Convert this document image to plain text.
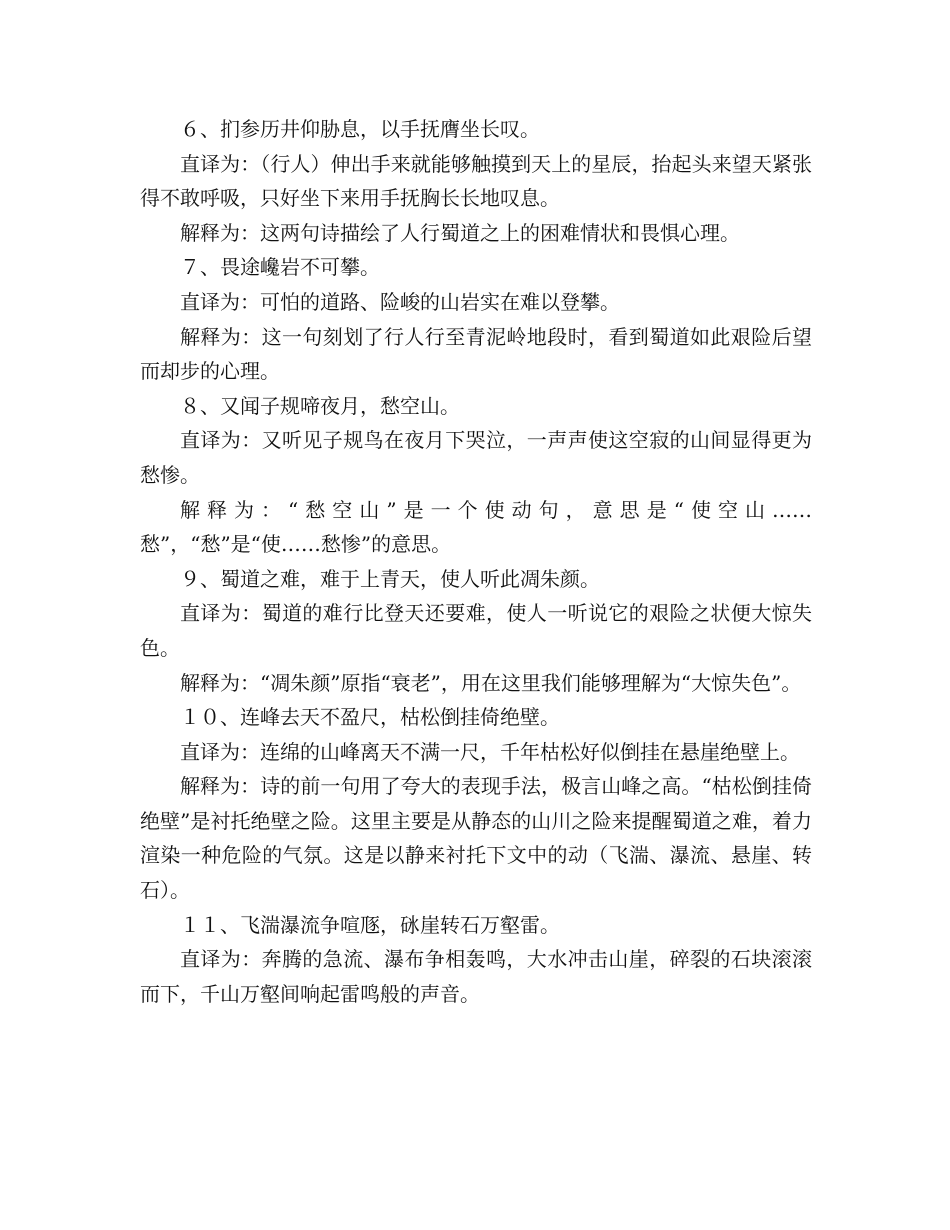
６、扪参历井仰胁息，以手抚膺坐长叹。

直译为：（行人）伸出手来就能够触摸到天上的星辰，抬起头来望天紧张得不敢呼吸，只好坐下来用手抚胸长长地叹息。

解释为：这两句诗描绘了人行蜀道之上的困难情状和畏惧心理。

７、畏途巉岩不可攀。

直译为：可怕的道路、险峻的山岩实在难以登攀。

解释为：这一句刻划了行人行至青泥岭地段时，看到蜀道如此艰险后望而却步的心理。

８、又闻子规啼夜月，愁空山。

直译为：又听见子规鸟在夜月下哭泣，一声声使这空寂的山间显得更为愁惨。

解释为：“愁空山”是一个使动句，意思是“使空山……愁”，“愁”是“使……愁惨”的意思。

９、蜀道之难，难于上青天，使人听此凋朱颜。

直译为：蜀道的难行比登天还要难，使人一听说它的艰险之状便大惊失色。

解释为：“凋朱颜”原指“衰老”，用在这里我们能够理解为“大惊失色”。

１０、连峰去天不盈尺，枯松倒挂倚绝壁。

直译为：连绵的山峰离天不满一尺，千年枯松好似倒挂在悬崖绝壁上。

解释为：诗的前一句用了夸大的表现手法，极言山峰之高。“枯松倒挂倚绝壁”是衬托绝壁之险。这里主要是从静态的山川之险来提醒蜀道之难，着力渲染一种危险的气氛。这是以静来衬托下文中的动（飞湍、瀑流、悬崖、转石）。

１１、飞湍瀑流争喧豗，砯崖转石万壑雷。

直译为：奔腾的急流、瀑布争相轰鸣，大水冲击山崖，碎裂的石块滚滚而下，千山万壑间响起雷鸣般的声音。
